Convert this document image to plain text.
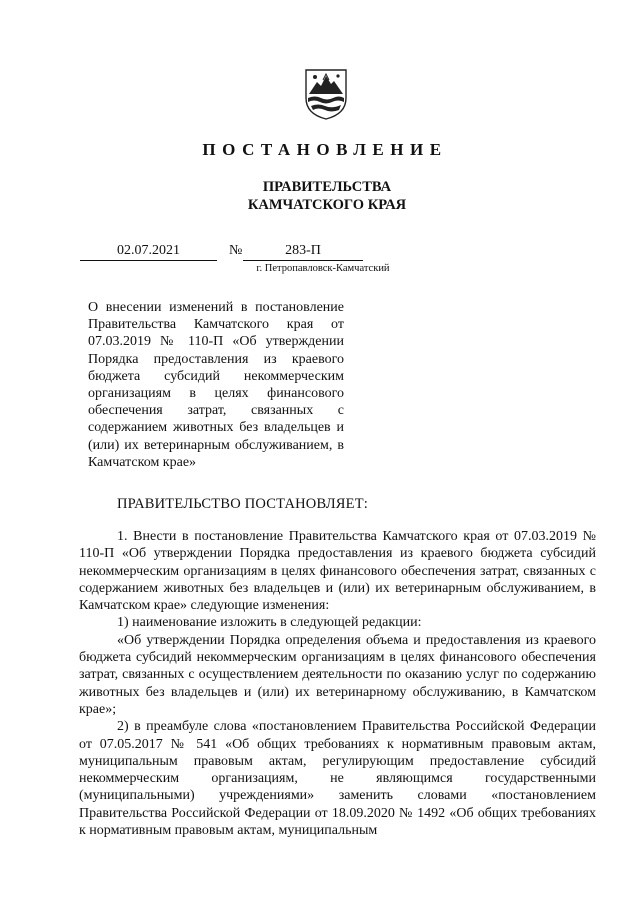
ПОСТАНОВЛЕНИЕ
ПРАВИТЕЛЬСТВА
КАМЧАТСКОГО КРАЯ
02.07.2021	№	283-П
г. Петропавловск-Камчатский
О внесении изменений в постановление Правительства Камчатского края от 07.03.2019 № 110-П «Об утверждении Порядка предоставления из краевого бюджета субсидий некоммерческим организациям в целях финансового обеспечения затрат, связанных с содержанием животных без владельцев и (или) их ветеринарным обслуживанием, в Камчатском крае»
ПРАВИТЕЛЬСТВО ПОСТАНОВЛЯЕТ:

1. Внести в постановление Правительства Камчатского края от 07.03.2019 № 110-П «Об утверждении Порядка предоставления из краевого бюджета субсидий некоммерческим организациям в целях финансового обеспечения затрат, связанных с содержанием животных без владельцев и (или) их ветеринарным обслуживанием, в Камчатском крае» следующие изменения:

1) наименование изложить в следующей редакции:

«Об утверждении Порядка определения объема и предоставления из краевого бюджета субсидий некоммерческим организациям в целях финансового обеспечения затрат, связанных с осуществлением деятельности по оказанию услуг по содержанию животных без владельцев и (или) их ветеринарному обслуживанию, в Камчатском крае»;

2) в преамбуле слова «постановлением Правительства Российской Федерации от 07.05.2017 № 541 «Об общих требованиях к нормативным правовым актам, муниципальным правовым актам, регулирующим предоставление субсидий некоммерческим организациям, не являющимся государственными (муниципальными) учреждениями» заменить словами «постановлением Правительства Российской Федерации от 18.09.2020 № 1492 «Об общих требованиях к нормативным правовым актам, муниципальным
